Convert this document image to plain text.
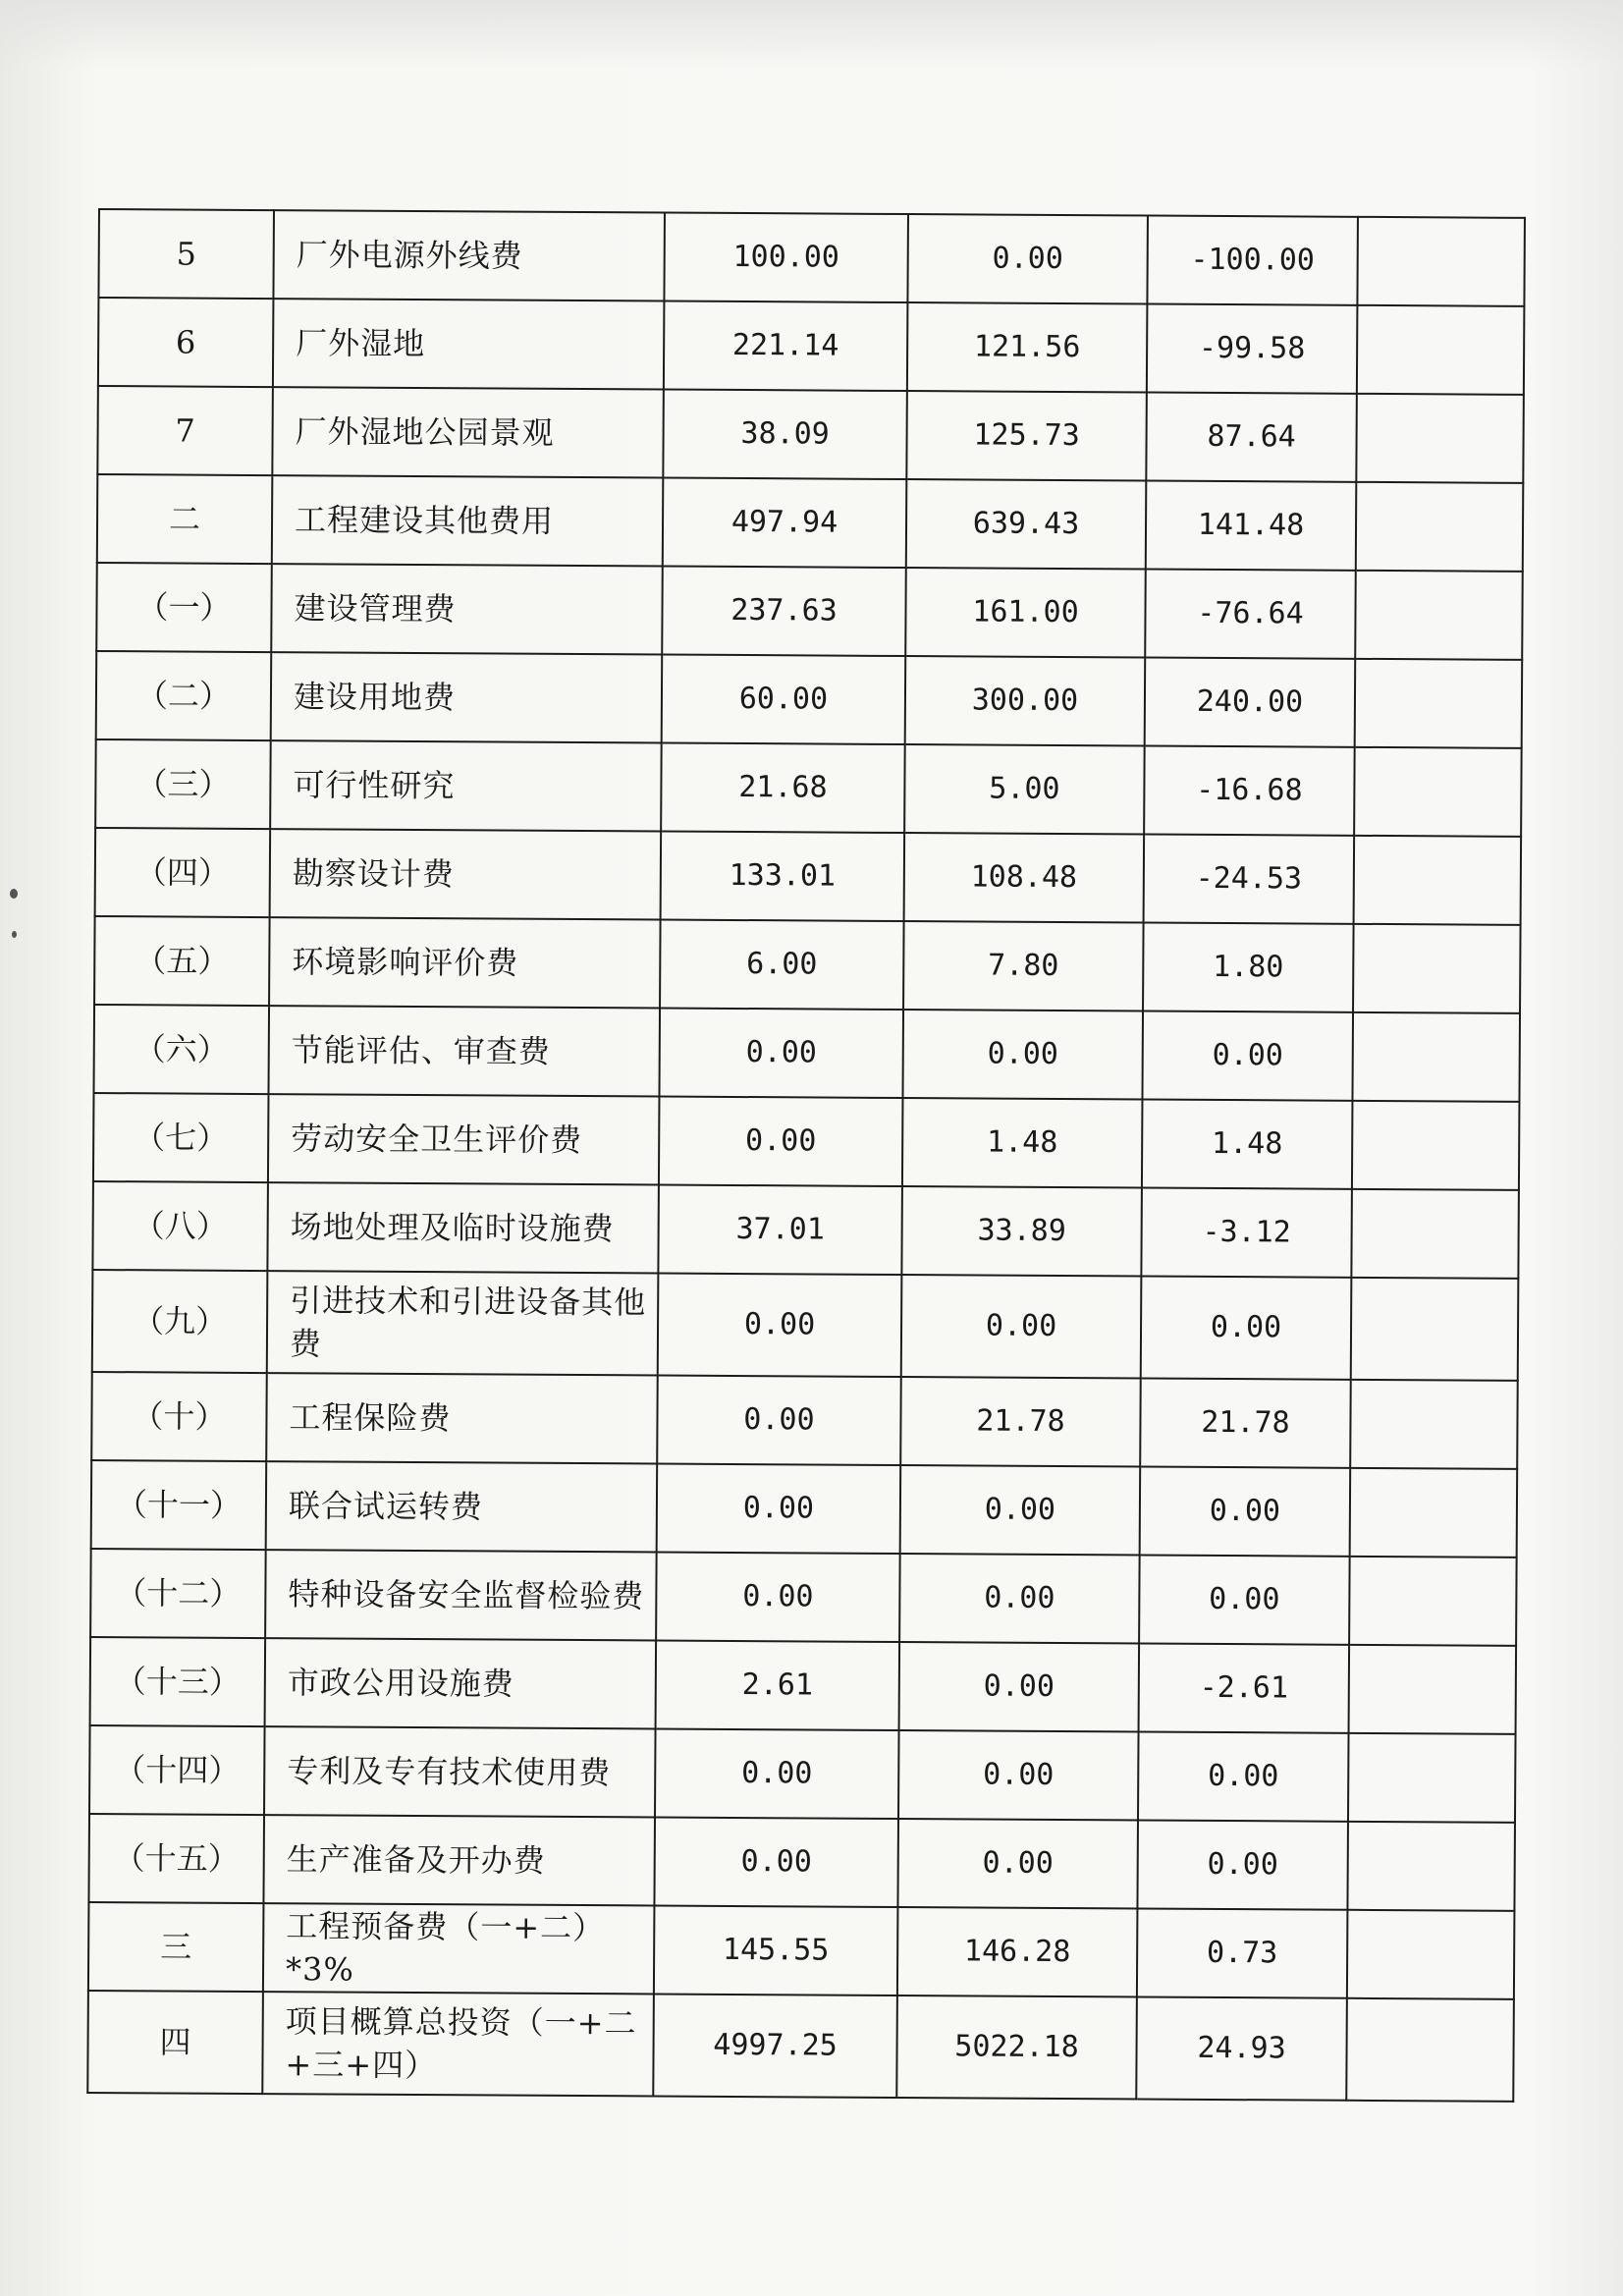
5	厂外电源外线费	100.00	0.00	-100.00	
6	厂外湿地	221.14	121.56	-99.58	
7	厂外湿地公园景观	38.09	125.73	87.64	
二	工程建设其他费用	497.94	639.43	141.48	
（一）	建设管理费	237.63	161.00	-76.64	
（二）	建设用地费	60.00	300.00	240.00	
（三）	可行性研究	21.68	5.00	-16.68	
（四）	勘察设计费	133.01	108.48	-24.53	
（五）	环境影响评价费	6.00	7.80	1.80	
（六）	节能评估、审查费	0.00	0.00	0.00	
（七）	劳动安全卫生评价费	0.00	1.48	1.48	
（八）	场地处理及临时设施费	37.01	33.89	-3.12	
（九）	引进技术和引进设备其他费	0.00	0.00	0.00	
（十）	工程保险费	0.00	21.78	21.78	
（十一）	联合试运转费	0.00	0.00	0.00	
（十二）	特种设备安全监督检验费	0.00	0.00	0.00	
（十三）	市政公用设施费	2.61	0.00	-2.61	
（十四）	专利及专有技术使用费	0.00	0.00	0.00	
（十五）	生产准备及开办费	0.00	0.00	0.00	
三	工程预备费（一+二）*3%	145.55	146.28	0.73	
四	项目概算总投资（一+二+三+四）	4997.25	5022.18	24.93	
